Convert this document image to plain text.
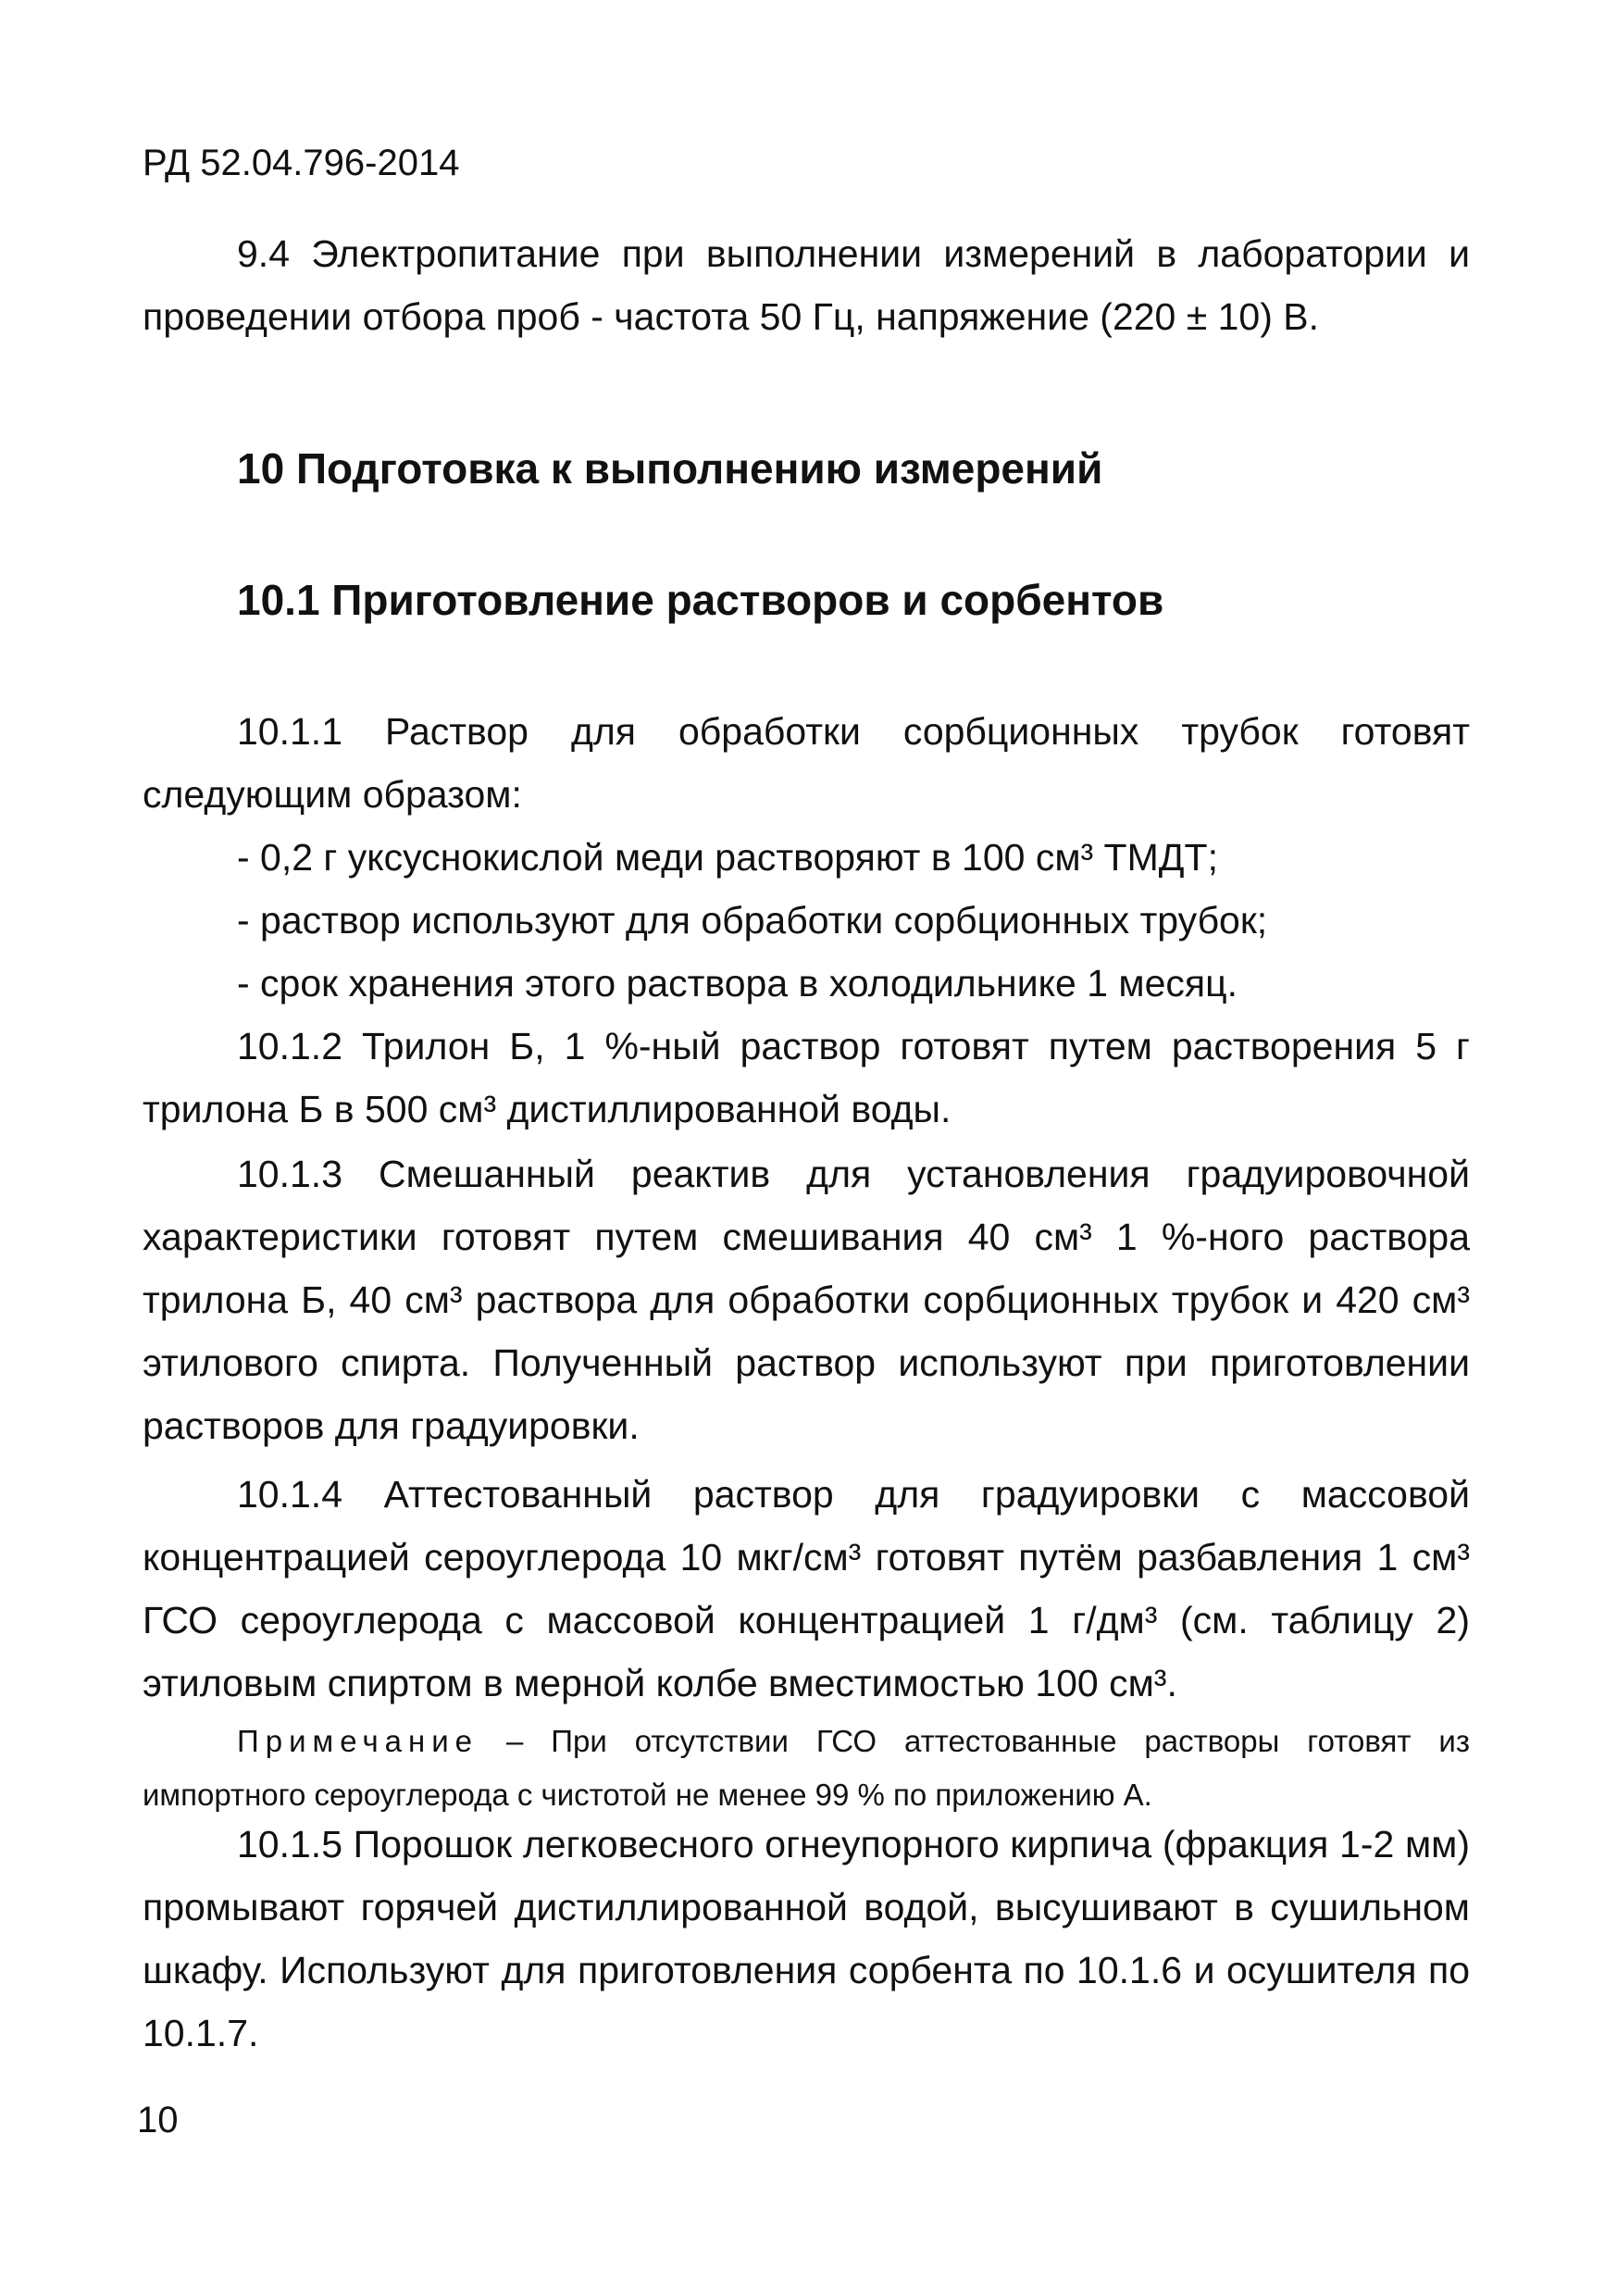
РД 52.04.796-2014

9.4 Электропитание при выполнении измерений в лаборатории и проведении отбора проб - частота 50 Гц, напряжение (220 ± 10) В.

10 Подготовка к выполнению измерений
10.1 Приготовление растворов и сорбентов

10.1.1 Раствор для обработки сорбционных трубок готовят следующим образом:

- 0,2 г уксуснокислой меди растворяют в 100 см³ ТМДТ;

- раствор используют для обработки сорбционных трубок;

- срок хранения этого раствора в холодильнике 1 месяц.

10.1.2 Трилон Б, 1 %-ный раствор готовят путем растворения 5 г трилона Б в 500 см³ дистиллированной воды.

10.1.3 Смешанный реактив для установления градуировочной характеристики готовят путем смешивания 40 см³ 1 %-ного раствора трилона Б, 40 см³ раствора для обработки сорбционных трубок и 420 см³ этилового спирта. Полученный раствор используют при приготовлении растворов для градуировки.

10.1.4 Аттестованный раствор для градуировки с массовой концентрацией сероуглерода 10 мкг/см³ готовят путём разбавления 1 см³ ГСО сероуглерода с массовой концентрацией 1 г/дм³ (см. таблицу 2) этиловым спиртом в мерной колбе вместимостью 100 см³.

Примечание – При отсутствии ГСО аттестованные растворы готовят из импортного сероуглерода с чистотой не менее 99 % по приложению А.

10.1.5 Порошок легковесного огнеупорного кирпича (фракция 1-2 мм) промывают горячей дистиллированной водой, высушивают в сушильном шкафу. Используют для приготовления сорбента по 10.1.6 и осушителя по 10.1.7.

10
